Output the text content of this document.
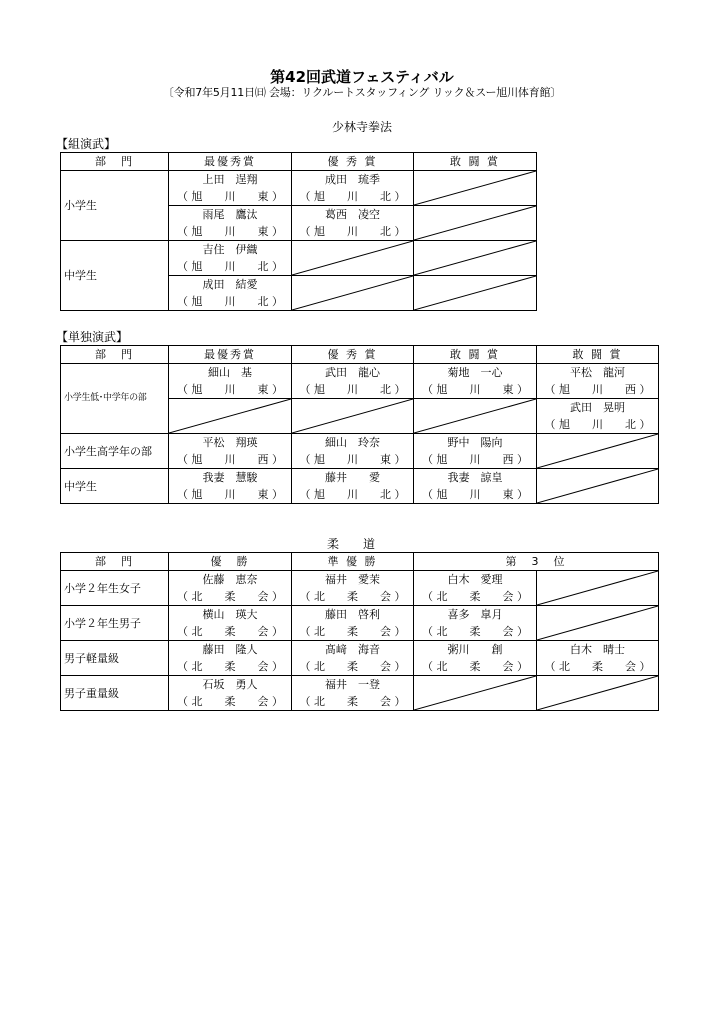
第42回武道フェスティバル
〔令和7年5月11日㈰ 会場：リクルートスタッフィング リック＆スー旭川体育館〕
少林寺拳法
【組演武】
部　門	最優秀賞	優 秀 賞	敢 闘 賞
小学生	上田　逞翔	成田　琉季	
	（ 旭　　川　　東 ）	（ 旭　　川　　北 ）	
	雨尾　鷹汰	葛西　凌空	
	（ 旭　　川　　東 ）	（ 旭　　川　　北 ）	
中学生	吉住　伊織		
	（ 旭　　川　　北 ）		
	成田　結愛		
	（ 旭　　川　　北 ）		
【単独演武】
部　門	最優秀賞	優 秀 賞	敢 闘 賞	敢 闘 賞
小学生低･中学年の部	細山　基	武田　龍心	菊地　一心	平松　龍河
	（ 旭　　川　　東 ）	（ 旭　　川　　北 ）	（ 旭　　川　　東 ）	（ 旭　　川　　西 ）
				武田　晃明
				（ 旭　　川　　北 ）
小学生高学年の部	平松　翔瑛	細山　玲奈	野中　陽向	
	（ 旭　　川　　西 ）	（ 旭　　川　　東 ）	（ 旭　　川　　西 ）	
中学生	我妻　慧駿	藤井　　愛	我妻　諒皇	
	（ 旭　　川　　東 ）	（ 旭　　川　　北 ）	（ 旭　　川　　東 ）	
柔　　道
部　門	優　勝	準 優 勝	第　3　位	
小学２年生女子	佐藤　恵奈	福井　愛茉	白木　愛理	
	（ 北　　柔　　会 ）	（ 北　　柔　　会 ）	（ 北　　柔　　会 ）	
小学２年生男子	横山　瑛大	藤田　啓利	喜多　皐月	
	（ 北　　柔　　会 ）	（ 北　　柔　　会 ）	（ 北　　柔　　会 ）	
男子軽量級	藤田　隆人	髙﨑　海音	粥川　　創	白木　晴士
	（ 北　　柔　　会 ）	（ 北　　柔　　会 ）	（ 北　　柔　　会 ）	（ 北　　柔　　会 ）
男子重量級	石坂　勇人	福井　一登		
	（ 北　　柔　　会 ）	（ 北　　柔　　会 ）		
